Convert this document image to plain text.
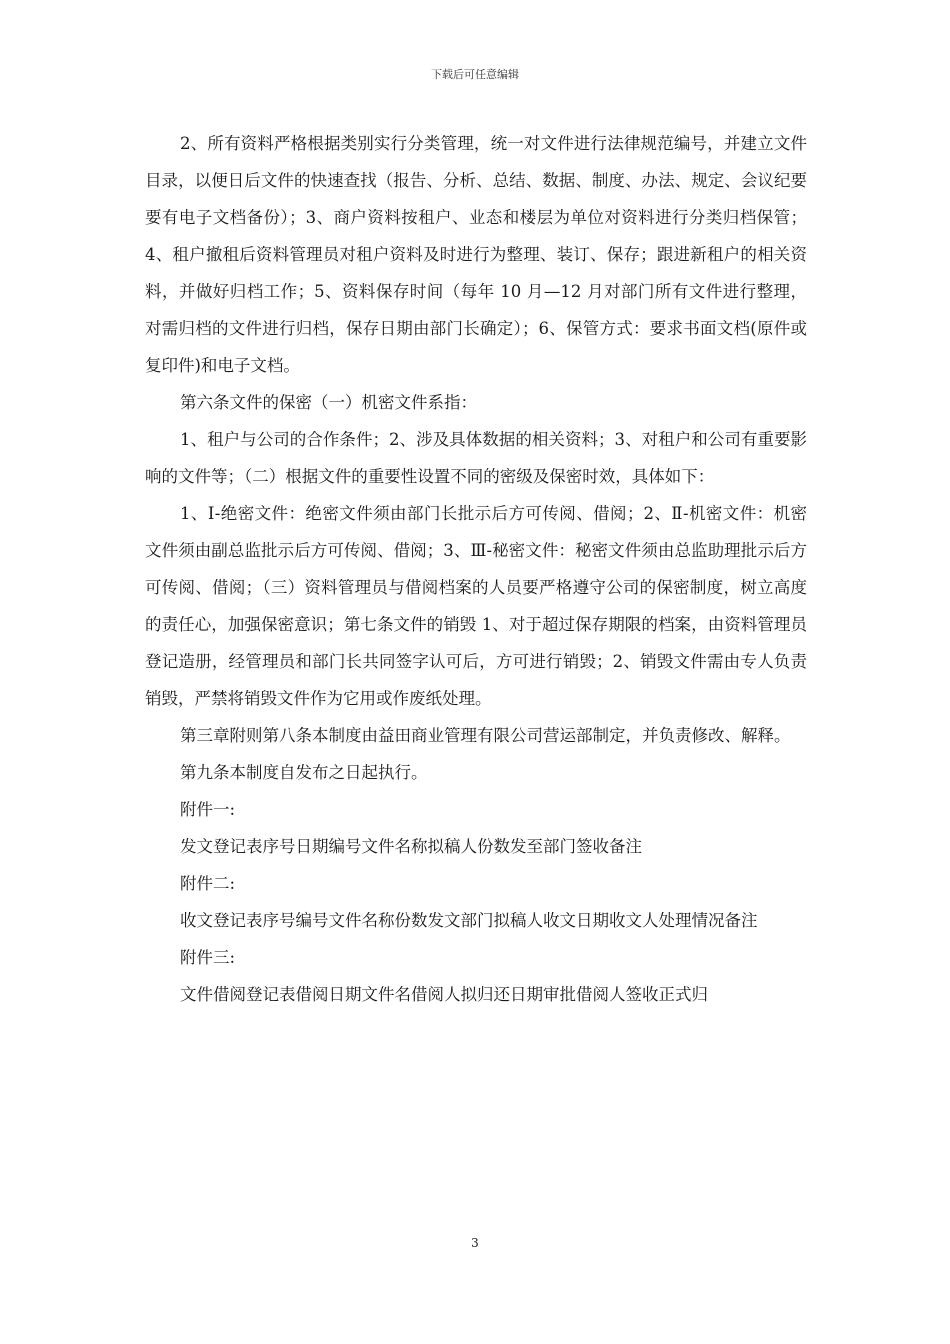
下载后可任意编辑

2、所有资料严格根据类别实行分类管理，统一对文件进行法律规范编号，并建立文件目录，以便日后文件的快速查找（报告、分析、总结、数据、制度、办法、规定、会议纪要要有电子文档备份）；3、商户资料按租户、业态和楼层为单位对资料进行分类归档保管；4、租户撤租后资料管理员对租户资料及时进行为整理、装订、保存；跟进新租户的相关资料，并做好归档工作；5、资料保存时间（每年 10 月—12 月对部门所有文件进行整理，对需归档的文件进行归档，保存日期由部门长确定）；6、保管方式：要求书面文档(原件或复印件)和电子文档。

第六条文件的保密（一）机密文件系指：

1、租户与公司的合作条件；2、涉及具体数据的相关资料；3、对租户和公司有重要影响的文件等；（二）根据文件的重要性设置不同的密级及保密时效，具体如下：

1、Ⅰ-绝密文件：绝密文件须由部门长批示后方可传阅、借阅；2、Ⅱ-机密文件：机密文件须由副总监批示后方可传阅、借阅；3、Ⅲ-秘密文件：秘密文件须由总监助理批示后方可传阅、借阅；（三）资料管理员与借阅档案的人员要严格遵守公司的保密制度，树立高度的责任心，加强保密意识；第七条文件的销毁 1、对于超过保存期限的档案，由资料管理员登记造册，经管理员和部门长共同签字认可后，方可进行销毁；2、销毁文件需由专人负责销毁，严禁将销毁文件作为它用或作废纸处理。

第三章附则第八条本制度由益田商业管理有限公司营运部制定，并负责修改、解释。

第九条本制度自发布之日起执行。

附件一:

发文登记表序号日期编号文件名称拟稿人份数发至部门签收备注

附件二:

收文登记表序号编号文件名称份数发文部门拟稿人收文日期收文人处理情况备注

附件三:

文件借阅登记表借阅日期文件名借阅人拟归还日期审批借阅人签收正式归

3
